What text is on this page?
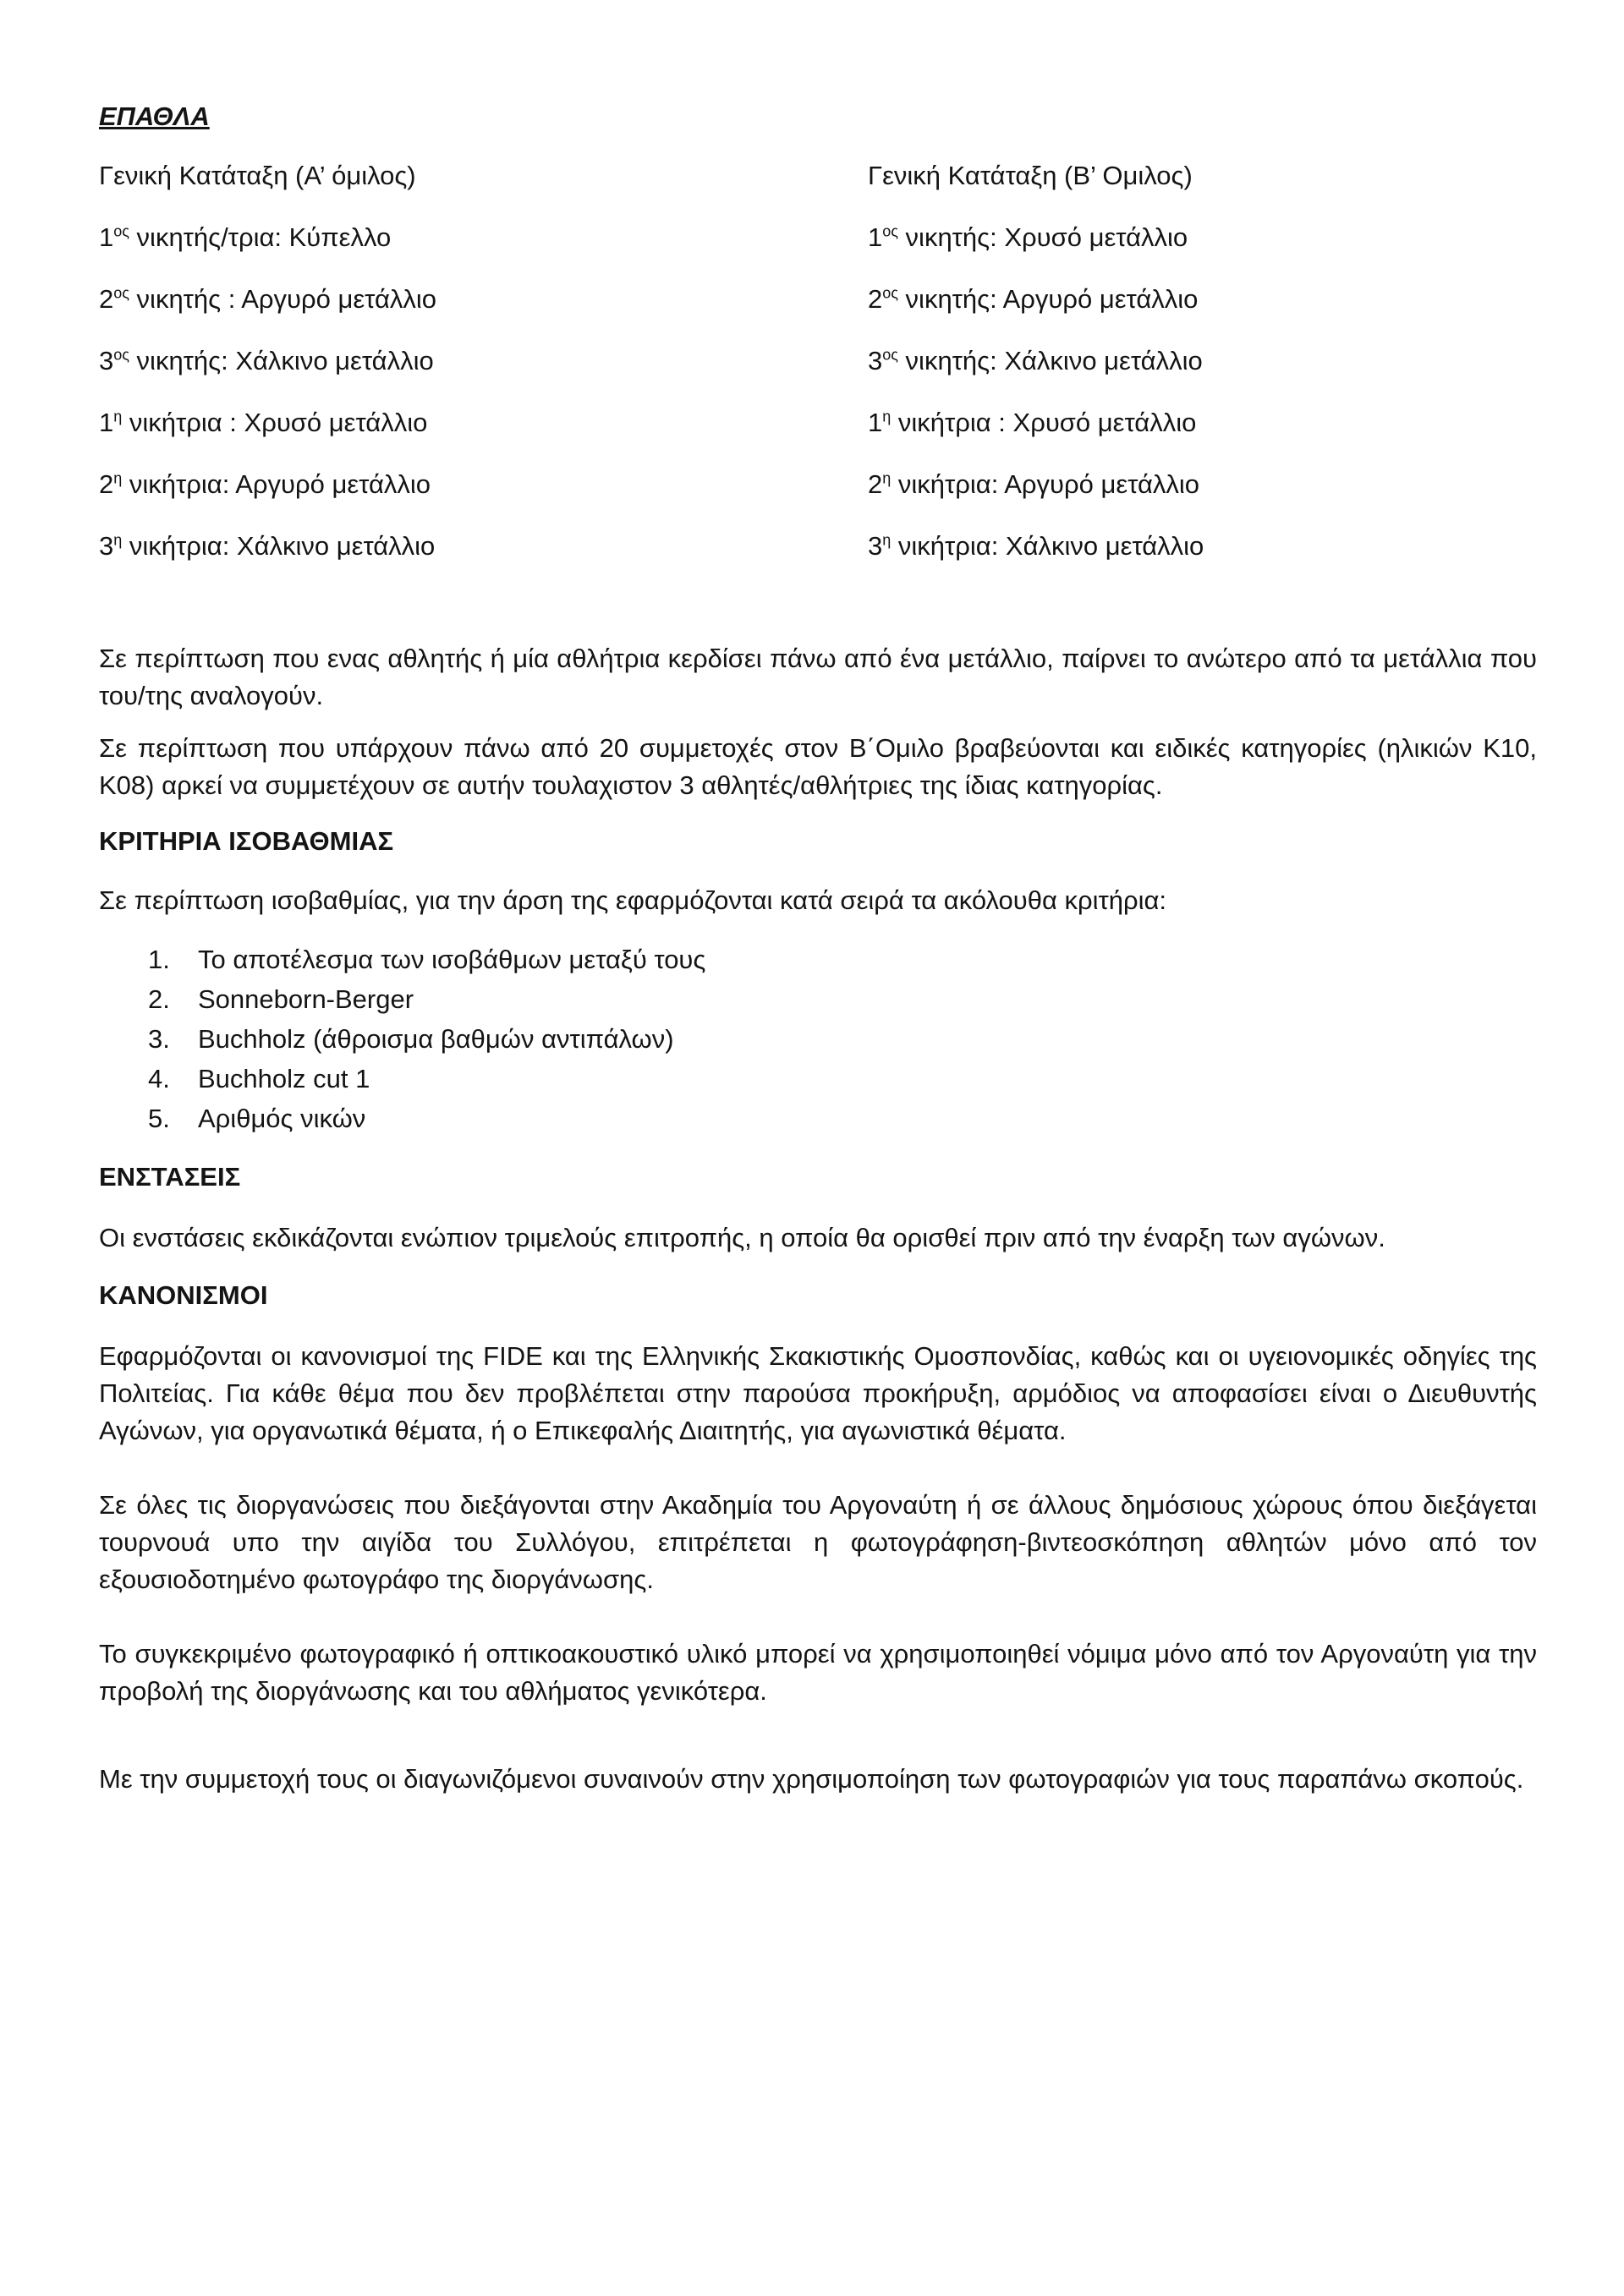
ΕΠΑΘΛΑ
Γενική Κατάταξη (Α’ όμιλος)
$1^{o\varsigma}$ νικητής/τρια: Κύπελλο
$2^{o\varsigma}$ νικητής : Αργυρό μετάλλιο
$3^{o\varsigma}$ νικητής: Χάλκινο μετάλλιο
$1^\eta$ νικήτρια : Χρυσό μετάλλιο
$2^\eta$ νικήτρια: Αργυρό μετάλλιο
$3^\eta$ νικήτρια: Χάλκινο μετάλλιο
Γενική Κατάταξη (Β’ Ομιλος)
$1^{o\varsigma}$ νικητής: Χρυσό μετάλλιο
$2^{o\varsigma}$ νικητής: Αργυρό μετάλλιο
$3^{o\varsigma}$ νικητής: Χάλκινο μετάλλιο
$1^\eta$ νικήτρια : Χρυσό μετάλλιο
$2^\eta$ νικήτρια: Αργυρό μετάλλιο
$3^\eta$ νικήτρια: Χάλκινο μετάλλιο

Σε περίπτωση που ενας αθλητής ή μία αθλήτρια κερδίσει πάνω από ένα μετάλλιο, παίρνει το ανώτερο από τα μετάλλια που του/της αναλογούν.

Σε περίπτωση που υπάρχουν πάνω από 20 συμμετοχές στον Β΄Ομιλο βραβεύονται και ειδικές κατηγορίες (ηλικιών Κ10, Κ08) αρκεί να συμμετέχουν σε αυτήν τουλαχιστον 3 αθλητές/αθλήτριες της ίδιας κατηγορίας.

ΚΡΙΤΗΡΙΑ ΙΣΟΒΑΘΜΙΑΣ

Σε περίπτωση ισοβαθμίας, για την άρση της εφαρμόζονται κατά σειρά τα ακόλουθα κριτήρια:

1. Το αποτέλεσμα των ισοβάθμων μεταξύ τους
2. Sonneborn-Berger
3. Buchholz (άθροισμα βαθμών αντιπάλων)
4. Buchholz cut 1
5. Αριθμός νικών
ΕΝΣΤΑΣΕΙΣ

Οι ενστάσεις εκδικάζονται ενώπιον τριμελούς επιτροπής, η οποία θα ορισθεί πριν από την έναρξη των αγώνων.

ΚΑΝΟΝΙΣΜΟΙ

Εφαρμόζονται οι κανονισμοί της FIDE και της Ελληνικής Σκακιστικής Ομοσπονδίας, καθώς και οι υγειονομικές οδηγίες της Πολιτείας. Για κάθε θέμα που δεν προβλέπεται στην παρούσα προκήρυξη, αρμόδιος να αποφασίσει είναι ο Διευθυντής Αγώνων, για οργανωτικά θέματα, ή ο Επικεφαλής Διαιτητής, για αγωνιστικά θέματα.

Σε όλες τις διοργανώσεις που διεξάγονται στην Ακαδημία του Αργοναύτη ή σε άλλους δημόσιους χώρους όπου διεξάγεται τουρνουά υπο την αιγίδα του Συλλόγου, επιτρέπεται η φωτογράφηση-βιντεοσκόπηση αθλητών μόνο από τον εξουσιοδοτημένο φωτογράφο της διοργάνωσης.

Το συγκεκριμένο φωτογραφικό ή οπτικοακουστικό υλικό μπορεί να χρησιμοποιηθεί νόμιμα μόνο από τον Αργοναύτη για την προβολή της διοργάνωσης και του αθλήματος γενικότερα.

Με την συμμετοχή τους οι διαγωνιζόμενοι συναινούν στην χρησιμοποίηση των φωτογραφιών για τους παραπάνω σκοπούς.
